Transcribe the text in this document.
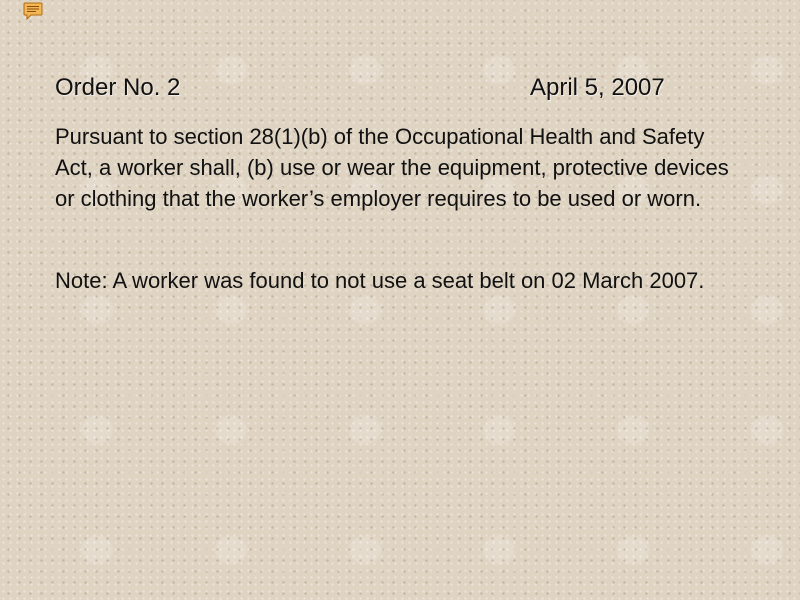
Order No. 2	April 5, 2007

Pursuant to section 28(1)(b) of the Occupational Health and Safety Act, a worker shall, (b) use or wear the equipment, protective devices or clothing that the worker’s employer requires to be used or worn.

Note: A worker was found to not use a seat belt on 02 March 2007.
